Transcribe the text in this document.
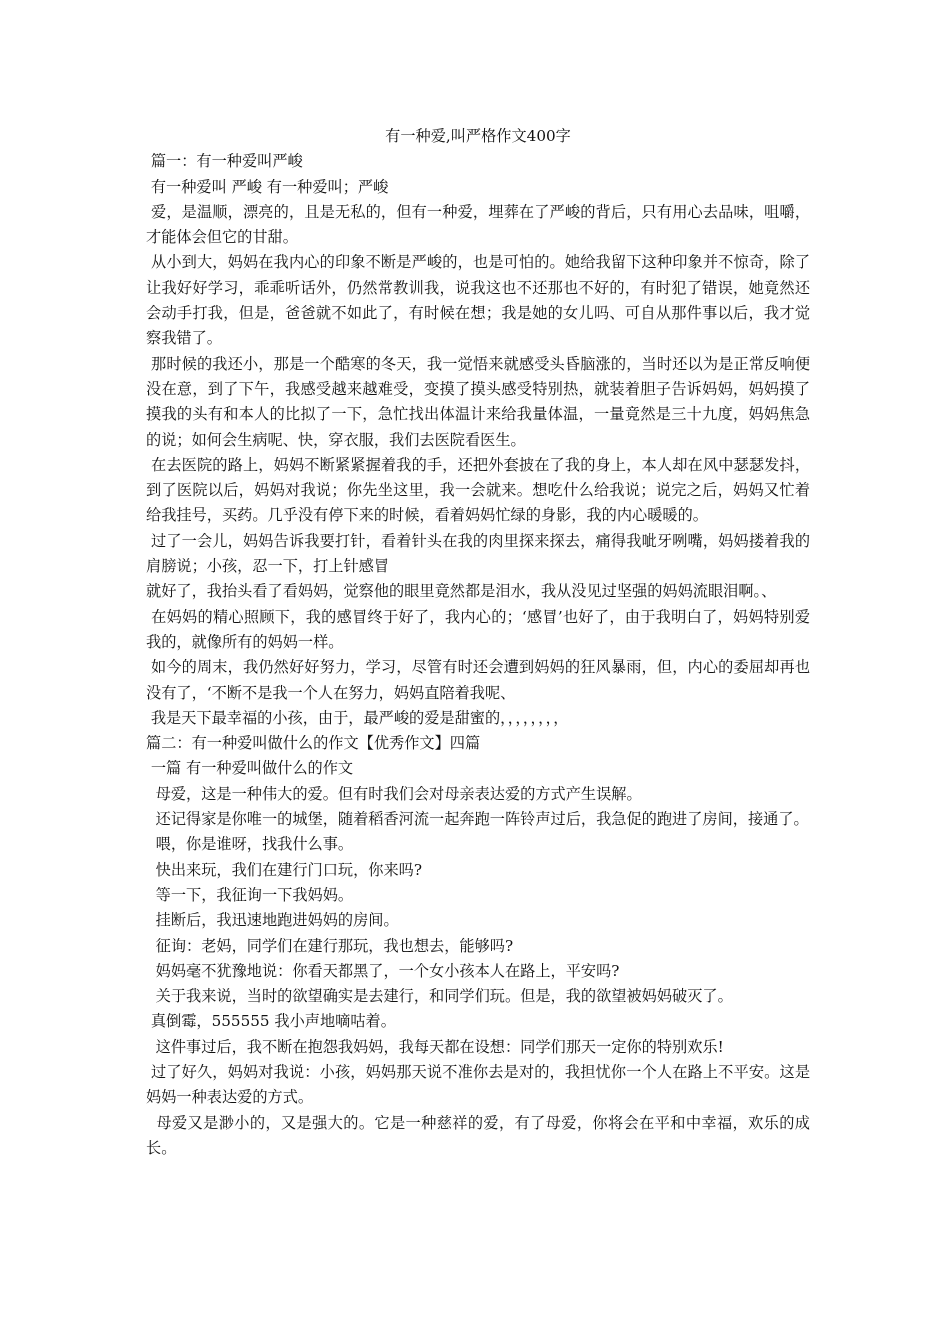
有一种爱,叫严格作文400字

篇一：有一种爱叫严峻

有一种爱叫 严峻 有一种爱叫；严峻

爱，是温顺，漂亮的，且是无私的，但有一种爱，埋葬在了严峻的背后，只有用心去品味，咀嚼，才能体会但它的甘甜。

从小到大，妈妈在我内心的印象不断是严峻的，也是可怕的。她给我留下这种印象并不惊奇，除了让我好好学习，乖乖听话外，仍然常教训我，说我这也不还那也不好的，有时犯了错误，她竟然还会动手打我，但是，爸爸就不如此了，有时候在想；我是她的女儿吗、可自从那件事以后，我才觉察我错了。

那时候的我还小，那是一个酷寒的冬天，我一觉悟来就感受头昏脑涨的，当时还以为是正常反响便没在意，到了下午，我感受越来越难受，变摸了摸头感受特别热，就装着胆子告诉妈妈，妈妈摸了摸我的头有和本人的比拟了一下，急忙找出体温计来给我量体温，一量竟然是三十九度，妈妈焦急的说；如何会生病呢、快，穿衣服，我们去医院看医生。

在去医院的路上，妈妈不断紧紧握着我的手，还把外套披在了我的身上，本人却在风中瑟瑟发抖，到了医院以后，妈妈对我说；你先坐这里，我一会就来。想吃什么给我说；说完之后，妈妈又忙着给我挂号，买药。几乎没有停下来的时候，看着妈妈忙绿的身影，我的内心暖暖的。

过了一会儿，妈妈告诉我要打针，看着针头在我的肉里探来探去，痛得我呲牙咧嘴，妈妈搂着我的肩膀说；小孩，忍一下，打上针感冒

就好了，我抬头看了看妈妈，觉察他的眼里竟然都是泪水，我从没见过坚强的妈妈流眼泪啊。、

在妈妈的精心照顾下，我的感冒终于好了，我内心的；‘感冒’也好了，由于我明白了，妈妈特别爱我的，就像所有的妈妈一样。

如今的周末，我仍然好好努力，学习，尽管有时还会遭到妈妈的狂风暴雨，但，内心的委屈却再也没有了，‘不断不是我一个人在努力，妈妈直陪着我呢、

我是天下最幸福的小孩，由于，最严峻的爱是甜蜜的，，，，，，，，

篇二：有一种爱叫做什么的作文【优秀作文】四篇

一篇 有一种爱叫做什么的作文

母爱，这是一种伟大的爱。但有时我们会对母亲表达爱的方式产生误解。

还记得家是你唯一的城堡，随着稻香河流一起奔跑一阵铃声过后，我急促的跑进了房间，接通了。

喂，你是谁呀，找我什么事。

快出来玩，我们在建行门口玩，你来吗?

等一下，我征询一下我妈妈。

挂断后，我迅速地跑进妈妈的房间。

征询：老妈，同学们在建行那玩，我也想去，能够吗?

妈妈毫不犹豫地说：你看天都黑了，一个女小孩本人在路上，平安吗?

关于我来说，当时的欲望确实是去建行，和同学们玩。但是，我的欲望被妈妈破灭了。

真倒霉，555555 我小声地嘀咕着。

这件事过后，我不断在抱怨我妈妈，我每天都在设想：同学们那天一定你的特别欢乐!

过了好久，妈妈对我说：小孩，妈妈那天说不准你去是对的，我担忧你一个人在路上不平安。这是妈妈一种表达爱的方式。

母爱又是渺小的，又是强大的。它是一种慈祥的爱，有了母爱，你将会在平和中幸福，欢乐的成长。
